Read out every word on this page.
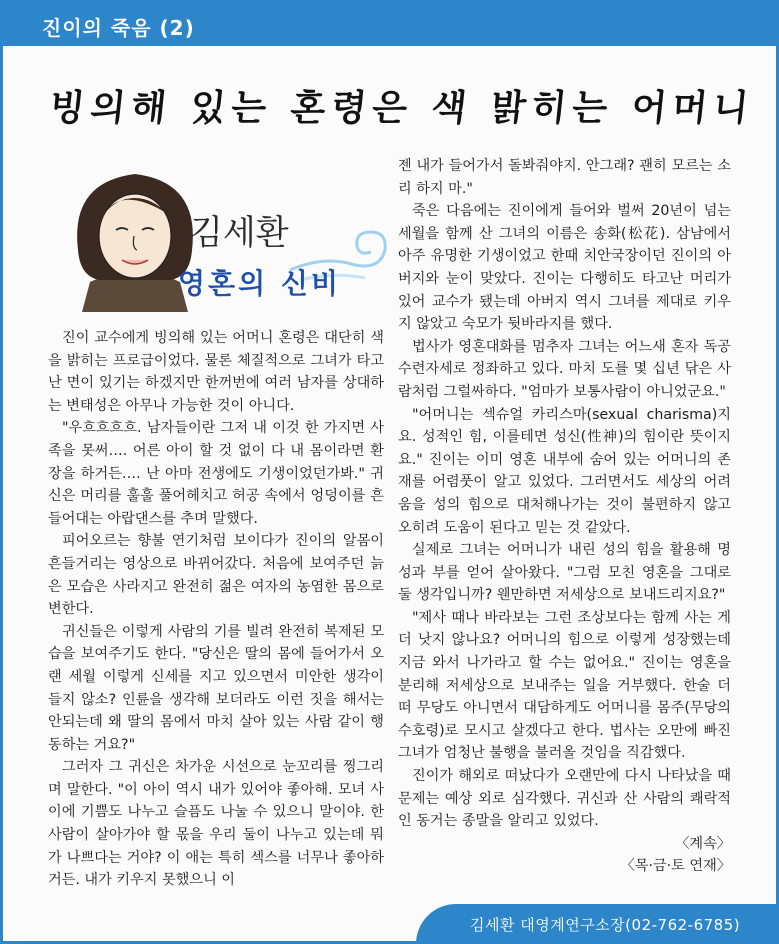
진이의 죽음 (2)
빙의해 있는 혼령은 색 밝히는 어머니
김세환
영혼의 신비

진이 교수에게 빙의해 있는 어머니 혼령은 대단히 색을 밝히는 프로급이었다. 물론 체질적으로 그녀가 타고난 면이 있기는 하겠지만 한꺼번에 여러 남자를 상대하는 변태성은 아무나 가능한 것이 아니다.

"우흐흐흐흐. 남자들이란 그저 내 이것 한 가지면 사족을 못써…. 어른 아이 할 것 없이 다 내 몸이라면 환장을 하거든…. 난 아마 전생에도 기생이었던가봐." 귀신은 머리를 훌훌 풀어헤치고 허공 속에서 엉덩이를 흔들어대는 아랍댄스를 추며 말했다.

피어오르는 향불 연기처럼 보이다가 진이의 알몸이 흔들거리는 영상으로 바뀌어갔다. 처음에 보여주던 늙은 모습은 사라지고 완전히 젊은 여자의 농염한 몸으로 변한다.

귀신들은 이렇게 사람의 기를 빌려 완전히 복제된 모습을 보여주기도 한다. "당신은 딸의 몸에 들어가서 오랜 세월 이렇게 신세를 지고 있으면서 미안한 생각이 들지 않소? 인륜을 생각해 보더라도 이런 짓을 해서는 안되는데 왜 딸의 몸에서 마치 살아 있는 사람 같이 행동하는 거요?"

그러자 그 귀신은 차가운 시선으로 눈꼬리를 찡그리며 말한다. "이 아이 역시 내가 있어야 좋아해. 모녀 사이에 기쁨도 나누고 슬픔도 나눌 수 있으니 말이야. 한 사람이 살아가야 할 몫을 우리 둘이 나누고 있는데 뭐가 나쁘다는 거야? 이 애는 특히 섹스를 너무나 좋아하거든. 내가 키우지 못했으니 이

젠 내가 들어가서 돌봐줘야지. 안그래? 괜히 모르는 소리 하지 마."

죽은 다음에는 진이에게 들어와 벌써 20년이 넘는 세월을 함께 산 그녀의 이름은 송화(松花). 삼남에서 아주 유명한 기생이었고 한때 치안국장이던 진이의 아버지와 눈이 맞았다. 진이는 다행히도 타고난 머리가 있어 교수가 됐는데 아버지 역시 그녀를 제대로 키우지 않았고 숙모가 뒷바라지를 했다.

법사가 영혼대화를 멈추자 그녀는 어느새 혼자 독공 수련자세로 정좌하고 있다. 마치 도를 몇 십년 닦은 사람처럼 그럴싸하다. "엄마가 보통사람이 아니었군요."

"어머니는 섹슈얼 카리스마(sexual charisma)지요. 성적인 힘, 이를테면 성신(性神)의 힘이란 뜻이지요." 진이는 이미 영혼 내부에 숨어 있는 어머니의 존재를 어렴풋이 알고 있었다. 그러면서도 세상의 어려움을 성의 힘으로 대처해나가는 것이 불편하지 않고 오히려 도움이 된다고 믿는 것 같았다.

실제로 그녀는 어머니가 내린 성의 힘을 활용해 명성과 부를 얻어 살아왔다. "그럼 모친 영혼을 그대로 둘 생각입니까? 웬만하면 저세상으로 보내드리지요?"

"제사 때나 바라보는 그런 조상보다는 함께 사는 게 더 낫지 않나요? 어머니의 힘으로 이렇게 성장했는데 지금 와서 나가라고 할 수는 없어요." 진이는 영혼을 분리해 저세상으로 보내주는 일을 거부했다. 한술 더 떠 무당도 아니면서 대담하게도 어머니를 몸주(무당의 수호령)로 모시고 살겠다고 한다. 법사는 오만에 빠진 그녀가 엄청난 불행을 불러올 것임을 직감했다.

진이가 해외로 떠났다가 오랜만에 다시 나타났을 때 문제는 예상 외로 심각했다. 귀신과 산 사람의 쾌락적인 동거는 종말을 알리고 있었다.

〈계속〉

〈목·금·토 연재〉

김세환 대영계연구소장(02-762-6785)
